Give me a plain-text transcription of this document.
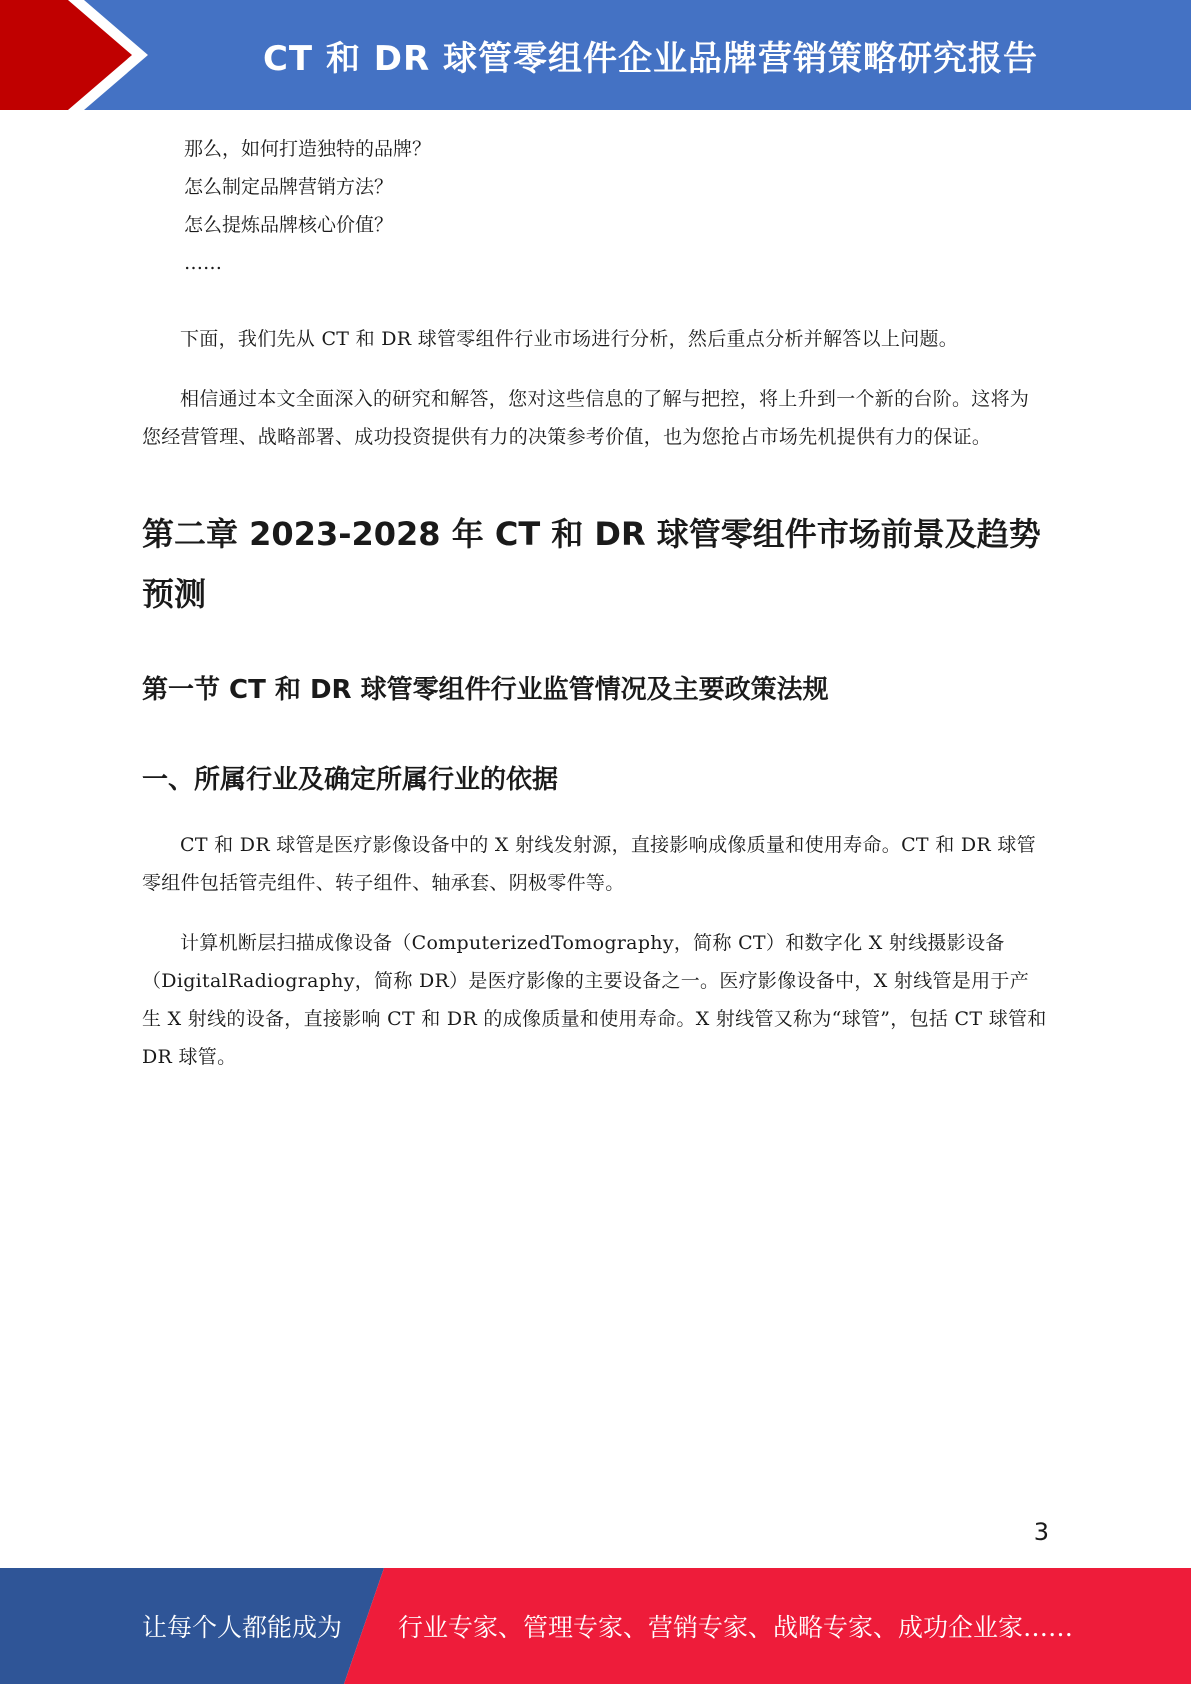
CT 和 DR 球管零组件企业品牌营销策略研究报告

那么，如何打造独特的品牌？

怎么制定品牌营销方法？

怎么提炼品牌核心价值？

……

下面，我们先从 CT 和 DR 球管零组件行业市场进行分析，然后重点分析并解答以上问题。

相信通过本文全面深入的研究和解答，您对这些信息的了解与把控，将上升到一个新的台阶。这将为您经营管理、战略部署、成功投资提供有力的决策参考价值，也为您抢占市场先机提供有力的保证。

第二章 2023-2028 年 CT 和 DR 球管零组件市场前景及趋势预测
第一节 CT 和 DR 球管零组件行业监管情况及主要政策法规
一、所属行业及确定所属行业的依据

CT 和 DR 球管是医疗影像设备中的 X 射线发射源，直接影响成像质量和使用寿命。CT 和 DR 球管零组件包括管壳组件、转子组件、轴承套、阴极零件等。

计算机断层扫描成像设备（ComputerizedTomography，简称 CT）和数字化 X 射线摄影设备（DigitalRadiography，简称 DR）是医疗影像的主要设备之一。医疗影像设备中，X 射线管是用于产生 X 射线的设备，直接影响 CT 和 DR 的成像质量和使用寿命。X 射线管又称为“球管”，包括 CT 球管和 DR 球管。

3
让每个人都能成为 行业专家、管理专家、营销专家、战略专家、成功企业家……
